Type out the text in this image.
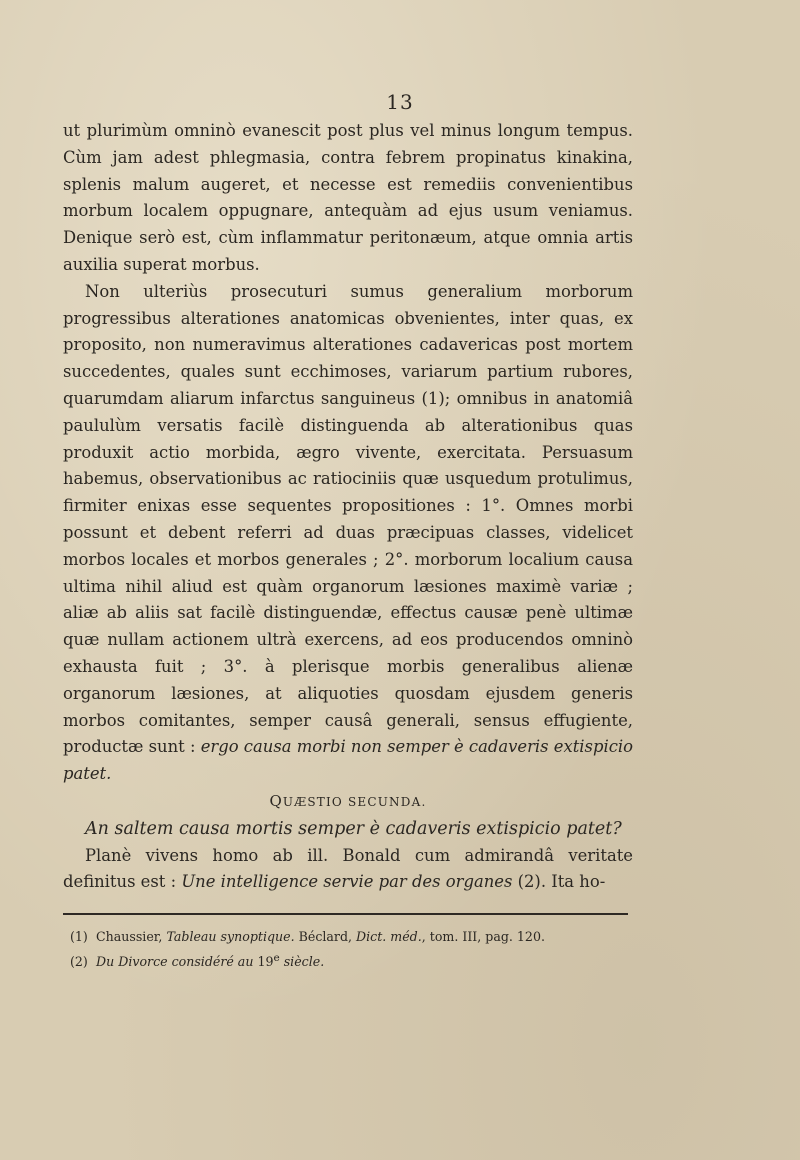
13

ut plurimùm omninò evanescit post plus vel minus longum tempus. Cùm jam adest phlegmasia, contra febrem propinatus kinakina, splenis malum augeret, et necesse est remediis convenientibus morbum localem oppugnare, antequàm ad ejus usum veniamus. Denique serò est, cùm inflammatur peritonæum, atque omnia artis auxilia superat morbus.

Non ulteriùs prosecuturi sumus generalium morborum progressibus alterationes anatomicas obvenientes, inter quas, ex proposito, non numeravimus alterationes cadavericas post mortem succedentes, quales sunt ecchimoses, variarum partium rubores, quarumdam aliarum infarctus sanguineus (1); omnibus in anatomiâ paululùm versatis facilè distinguenda ab alterationibus quas produxit actio morbida, ægro vivente, exercitata. Persuasum habemus, observationibus ac ratiociniis quæ usquedum protulimus, firmiter enixas esse sequentes propositiones : 1°. Omnes morbi possunt et debent referri ad duas præcipuas classes, videlicet morbos locales et morbos generales ; 2°. morborum localium causa ultima nihil aliud est quàm organorum læsiones maximè variæ ; aliæ ab aliis sat facilè distinguendæ, effectus causæ penè ultimæ quæ nullam actionem ultrà exercens, ad eos producendos omninò exhausta fuit ; 3°. à plerisque morbis generalibus alienæ organorum læsiones, at aliquoties quosdam ejusdem generis morbos comitantes, semper causâ generali, sensus effugiente, productæ sunt : ergo causa morbi non semper è cadaveris extispicio patet.

QUÆSTIO SECUNDA.

An saltem causa mortis semper è cadaveris extispicio patet?

Planè vivens homo ab ill. Bonald cum admirandâ veritate definitus est : Une intelligence servie par des organes (2). Ita ho-

(1) Chaussier, Tableau synoptique. Béclard, Dict. méd., tom. III, pag. 120.

(2) Du Divorce considéré au 19e siècle.
